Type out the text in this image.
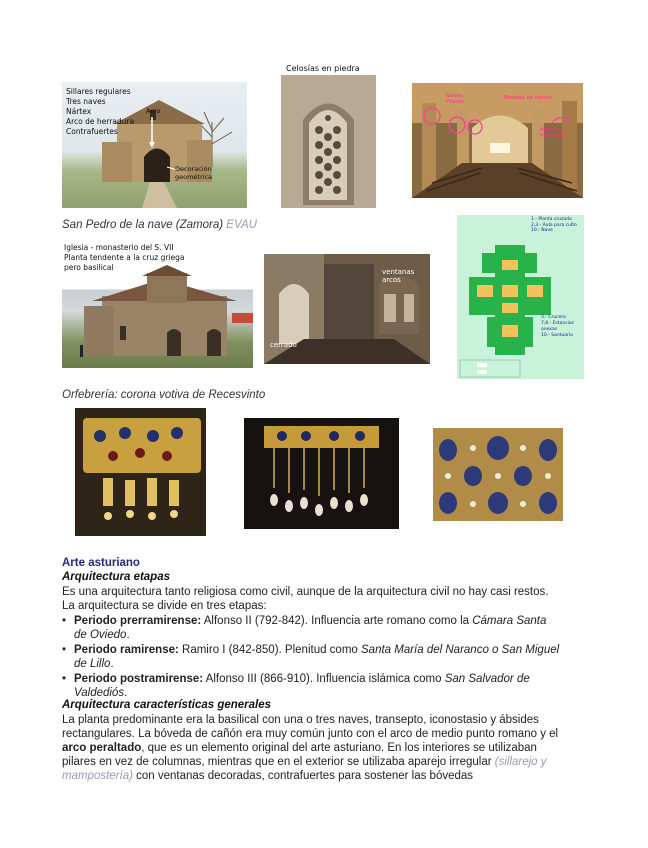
Sillares regulares
Tres naves
Nártex
Arco de herradura
Contrafuertes
Arco
Decoración
geométrica
Celosías en piedra
Naves
Pilares
Bóveda de cañón
Arcos de herradura
San Pedro de la nave (Zamora) EVAU
Iglesia - monasterio del S. VII
Planta tendente a la cruz griega
pero basilical
cerrado
ventanas
arcos
1.- Planta cruzada
2,3.- Aula para culto
10.- Nave
3.- Crucero
7,8.- Estancias anexas
10.- Santuario
Orfebrería: corona votiva de Recesvinto
Arte asturiano
Arquitectura etapas
Es una arquitectura tanto religiosa como civil, aunque de la arquitectura civil no hay casi restos. La arquitectura se divide en tres etapas:
• Periodo prerramirense: Alfonso II (792-842). Influencia arte romano como la Cámara Santa de Oviedo.
• Periodo ramirense: Ramiro I (842-850). Plenitud como Santa María del Naranco o San Miguel de Lillo.
• Periodo postramirense: Alfonso III (866-910). Influencia islámica como San Salvador de Valdediós.
Arquitectura características generales
La planta predominante era la basilical con una o tres naves, transepto, iconostasio y ábsides rectangulares. La bóveda de cañón era muy común junto con el arco de medio punto romano y el arco peraltado, que es un elemento original del arte asturiano. En los interiores se utilizaban pilares en vez de columnas, mientras que en el exterior se utilizaba aparejo irregular (sillarejo y mampostería) con ventanas decoradas, contrafuertes para sostener las bóvedas
